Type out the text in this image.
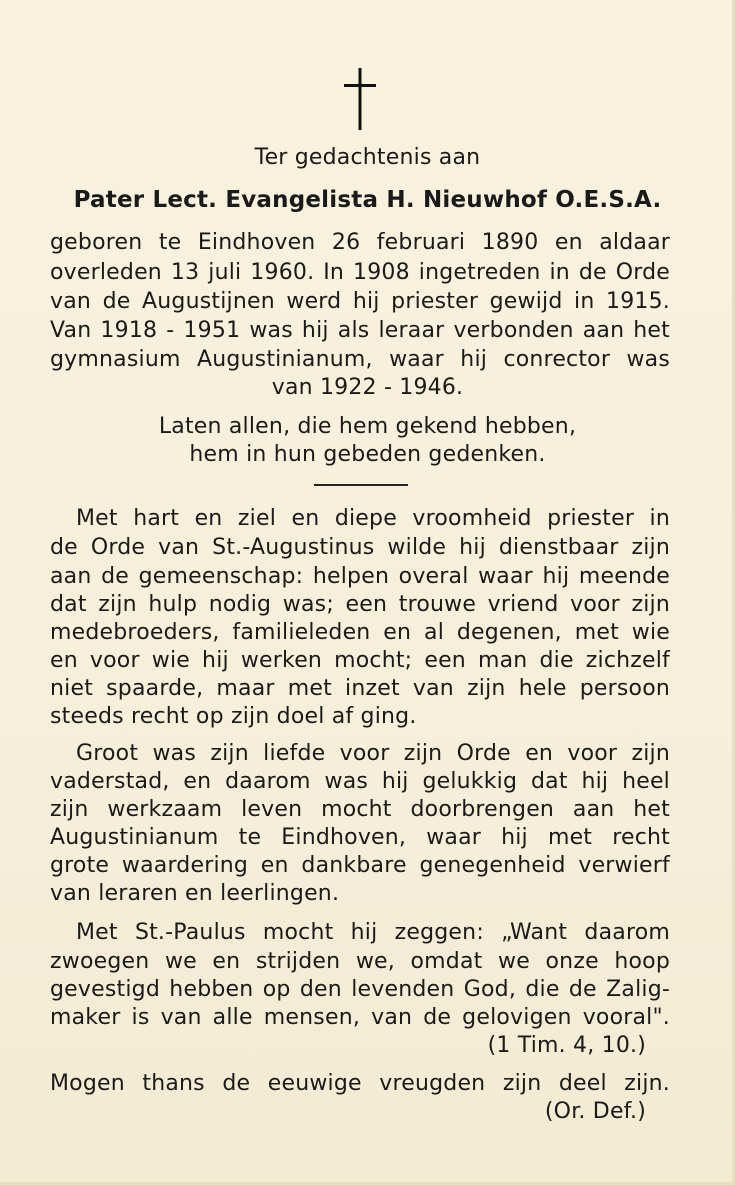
Ter gedachtenis aan
Pater Lect. Evangelista H. Nieuwhof O.E.S.A.
geboren te Eindhoven 26 februari 1890 en aldaar
overleden 13 juli 1960. In 1908 ingetreden in de Orde
van de Augustijnen werd hij priester gewijd in 1915.
Van 1918 - 1951 was hij als leraar verbonden aan het
gymnasium Augustinianum, waar hij conrector was
van 1922 - 1946.
Laten allen, die hem gekend hebben,
hem in hun gebeden gedenken.
Met hart en ziel en diepe vroomheid priester in
de Orde van St.-Augustinus wilde hij dienstbaar zijn
aan de gemeenschap: helpen overal waar hij meende
dat zijn hulp nodig was; een trouwe vriend voor zijn
medebroeders, familieleden en al degenen, met wie
en voor wie hij werken mocht; een man die zichzelf
niet spaarde, maar met inzet van zijn hele persoon
steeds recht op zijn doel af ging.
Groot was zijn liefde voor zijn Orde en voor zijn
vaderstad, en daarom was hij gelukkig dat hij heel
zijn werkzaam leven mocht doorbrengen aan het
Augustinianum te Eindhoven, waar hij met recht
grote waardering en dankbare genegenheid verwierf
van leraren en leerlingen.
Met St.-Paulus mocht hij zeggen: „Want daarom
zwoegen we en strijden we, omdat we onze hoop
gevestigd hebben op den levenden God, die de Zalig-
maker is van alle mensen, van de gelovigen vooral".
(1 Tim. 4, 10.)
Mogen thans de eeuwige vreugden zijn deel zijn.
(Or. Def.)
